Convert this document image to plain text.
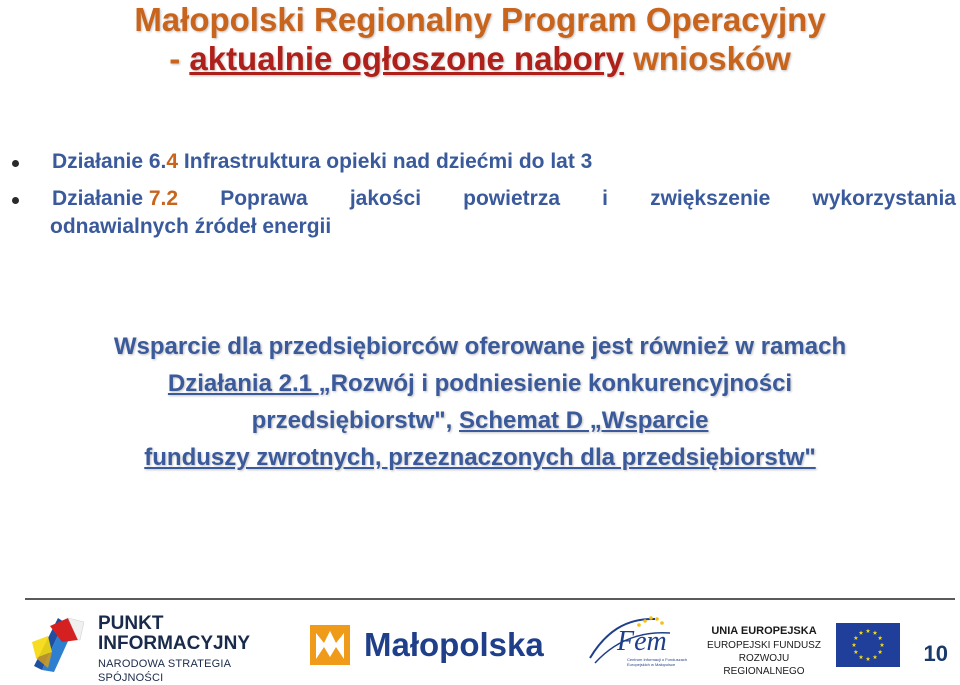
Małopolski Regionalny Program Operacyjny
- aktualnie ogłoszone nabory wniosków
Działanie 6.4 Infrastruktura opieki nad dziećmi do lat 3
Działanie 7.2 Poprawa jakości powietrza i zwiększenie wykorzystania
odnawialnych źródeł energii
Wsparcie dla przedsiębiorców oferowane jest również w ramach
Działania 2.1 „Rozwój i podniesienie konkurencyjności
przedsiębiorstw", Schemat D „Wsparcie
funduszy zwrotnych, przeznaczonych dla przedsiębiorstw"
PUNKT
INFORMACYJNY
NARODOWA STRATEGIA SPÓJNOŚCI
Małopolska	Fem
Centrum Informacji o Funduszach Europejskich w Małopolsce
UNIA EUROPEJSKA
EUROPEJSKI FUNDUSZ
ROZWOJU REGIONALNEGO
10
